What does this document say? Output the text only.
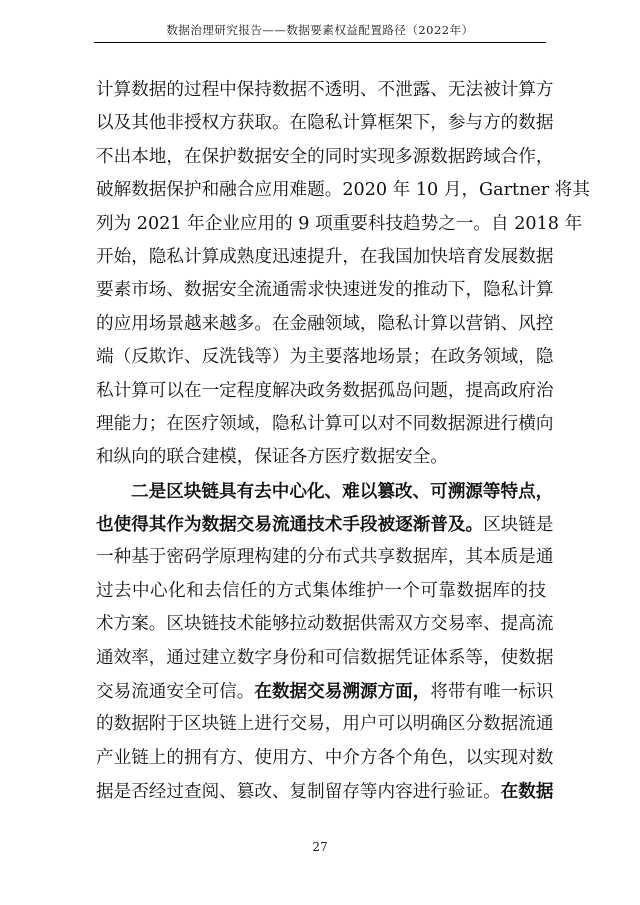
数据治理研究报告——数据要素权益配置路径（2022年）
计算数据的过程中保持数据不透明、不泄露、无法被计算方
以及其他非授权方获取。在隐私计算框架下，参与方的数据
不出本地，在保护数据安全的同时实现多源数据跨域合作，
破解数据保护和融合应用难题。2020 年 10 月，Gartner 将其
列为 2021 年企业应用的 9 项重要科技趋势之一。自 2018 年
开始，隐私计算成熟度迅速提升，在我国加快培育发展数据
要素市场、数据安全流通需求快速迸发的推动下，隐私计算
的应用场景越来越多。在金融领域，隐私计算以营销、风控
端（反欺诈、反洗钱等）为主要落地场景；在政务领域，隐
私计算可以在一定程度解决政务数据孤岛问题，提高政府治
理能力；在医疗领域，隐私计算可以对不同数据源进行横向
和纵向的联合建模，保证各方医疗数据安全。
二是区块链具有去中心化、难以篡改、可溯源等特点，
也使得其作为数据交易流通技术手段被逐渐普及。区块链是
一种基于密码学原理构建的分布式共享数据库，其本质是通
过去中心化和去信任的方式集体维护一个可靠数据库的技
术方案。区块链技术能够拉动数据供需双方交易率、提高流
通效率，通过建立数字身份和可信数据凭证体系等，使数据
交易流通安全可信。在数据交易溯源方面，将带有唯一标识
的数据附于区块链上进行交易，用户可以明确区分数据流通
产业链上的拥有方、使用方、中介方各个角色，以实现对数
据是否经过查阅、篡改、复制留存等内容进行验证。在数据
27
